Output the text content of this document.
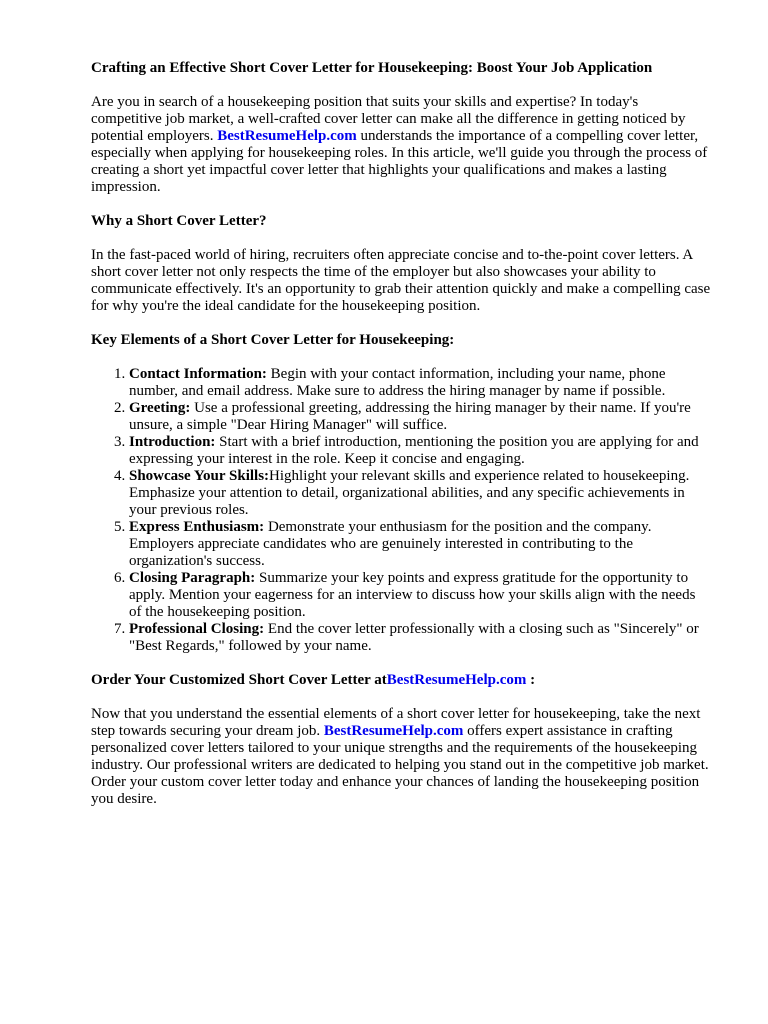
Crafting an Effective Short Cover Letter for Housekeeping: Boost Your Job Application

Are you in search of a housekeeping position that suits your skills and expertise? In today's competitive job market, a well-crafted cover letter can make all the difference in getting noticed by potential employers. BestResumeHelp.com understands the importance of a compelling cover letter, especially when applying for housekeeping roles. In this article, we'll guide you through the process of creating a short yet impactful cover letter that highlights your qualifications and makes a lasting impression.

Why a Short Cover Letter?

In the fast-paced world of hiring, recruiters often appreciate concise and to-the-point cover letters. A short cover letter not only respects the time of the employer but also showcases your ability to communicate effectively. It's an opportunity to grab their attention quickly and make a compelling case for why you're the ideal candidate for the housekeeping position.

Key Elements of a Short Cover Letter for Housekeeping:
1. Contact Information: Begin with your contact information, including your name, phone number, and email address. Make sure to address the hiring manager by name if possible.
2. Greeting: Use a professional greeting, addressing the hiring manager by their name. If you're unsure, a simple "Dear Hiring Manager" will suffice.
3. Introduction: Start with a brief introduction, mentioning the position you are applying for and expressing your interest in the role. Keep it concise and engaging.
4. Showcase Your Skills:Highlight your relevant skills and experience related to housekeeping. Emphasize your attention to detail, organizational abilities, and any specific achievements in your previous roles.
5. Express Enthusiasm: Demonstrate your enthusiasm for the position and the company. Employers appreciate candidates who are genuinely interested in contributing to the organization's success.
6. Closing Paragraph: Summarize your key points and express gratitude for the opportunity to apply. Mention your eagerness for an interview to discuss how your skills align with the needs of the housekeeping position.
7. Professional Closing: End the cover letter professionally with a closing such as "Sincerely" or "Best Regards," followed by your name.
Order Your Customized Short Cover Letter atBestResumeHelp.com :

Now that you understand the essential elements of a short cover letter for housekeeping, take the next step towards securing your dream job. BestResumeHelp.com offers expert assistance in crafting personalized cover letters tailored to your unique strengths and the requirements of the housekeeping industry. Our professional writers are dedicated to helping you stand out in the competitive job market. Order your custom cover letter today and enhance your chances of landing the housekeeping position you desire.
